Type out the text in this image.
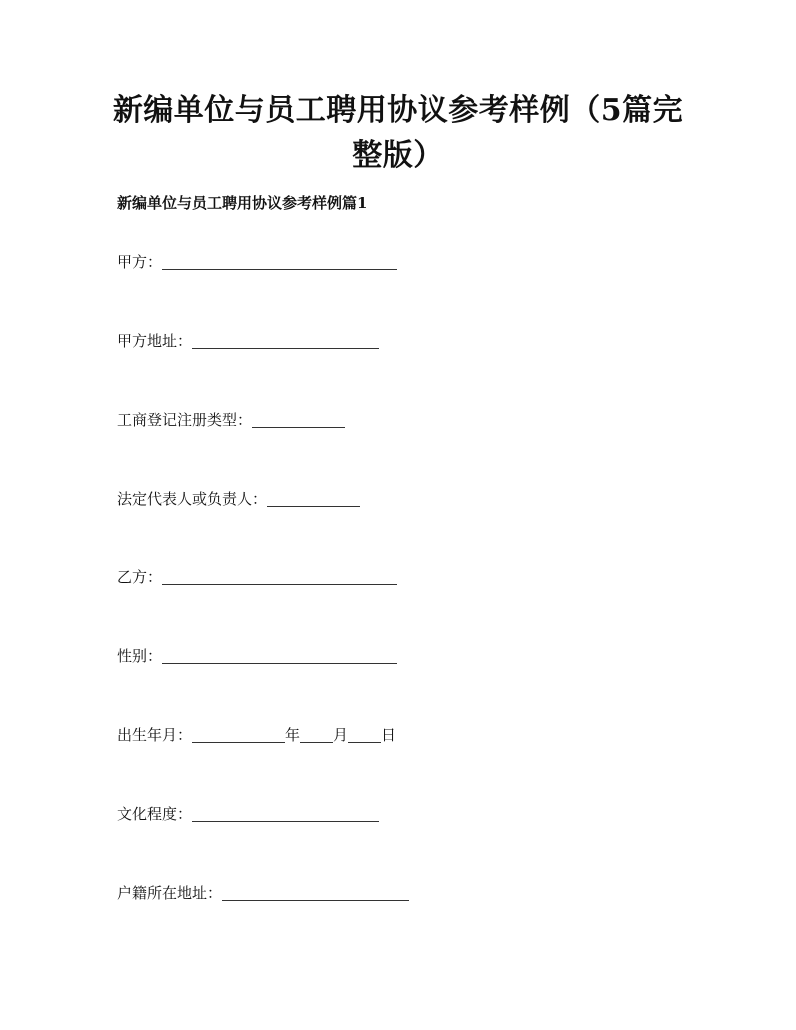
新编单位与员工聘用协议参考样例（5篇完
整版）
新编单位与员工聘用协议参考样例篇1
甲方：
甲方地址：
工商登记注册类型：
法定代表人或负责人：
乙方：
性别：
出生年月：	年 月 日
文化程度：
户籍所在地址：
